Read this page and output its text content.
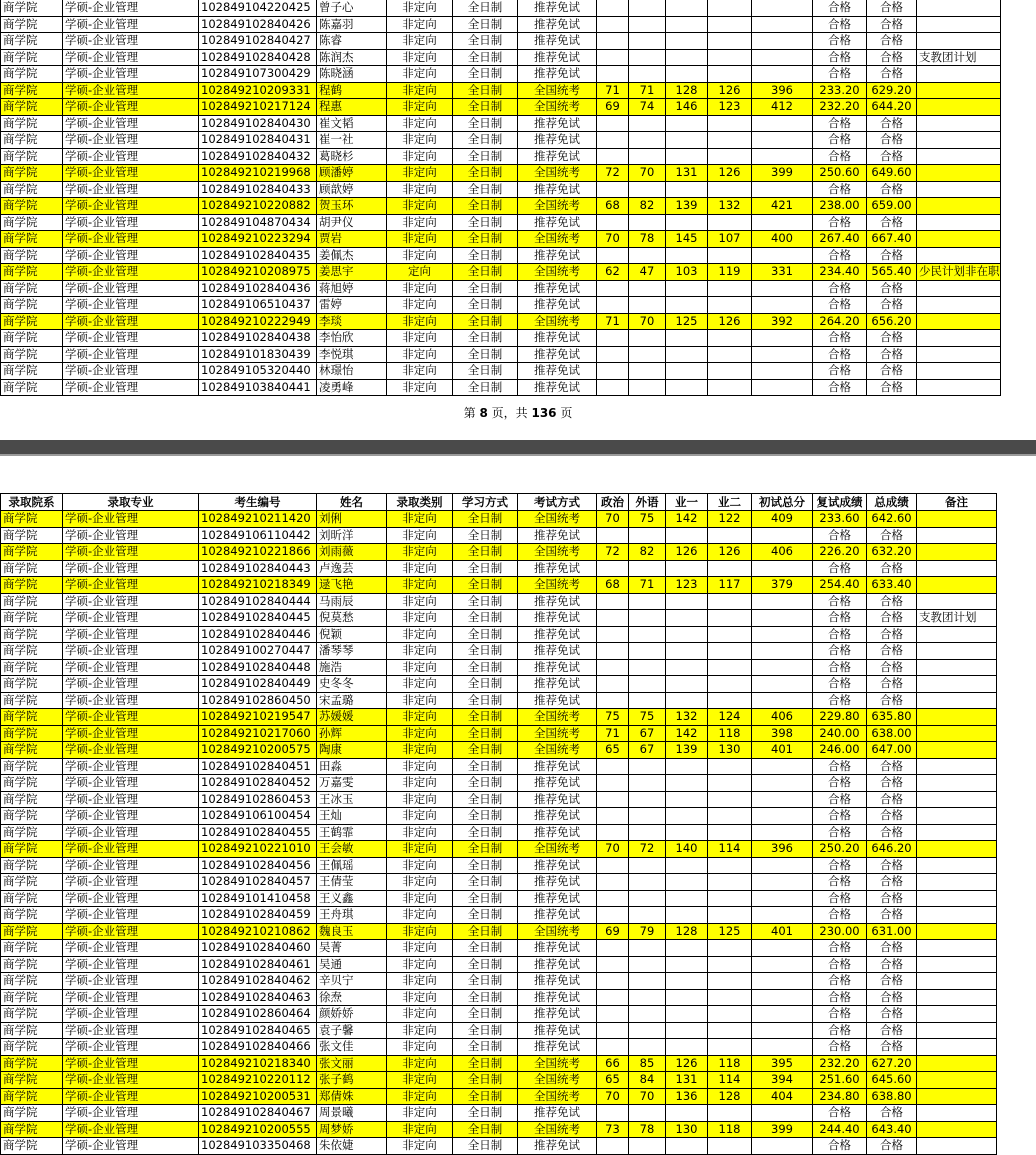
商学院	学硕-企业管理	102849104220425	曾子心	非定向	全日制	推荐免试						合格	合格	
商学院	学硕-企业管理	102849102840426	陈嘉羽	非定向	全日制	推荐免试						合格	合格	
商学院	学硕-企业管理	102849102840427	陈睿	非定向	全日制	推荐免试						合格	合格	
商学院	学硕-企业管理	102849102840428	陈润杰	非定向	全日制	推荐免试						合格	合格	支教团计划
商学院	学硕-企业管理	102849107300429	陈晓涵	非定向	全日制	推荐免试						合格	合格	
商学院	学硕-企业管理	102849210209331	程鹤	非定向	全日制	全国统考	71	71	128	126	396	233.20	629.20	
商学院	学硕-企业管理	102849210217124	程惠	非定向	全日制	全国统考	69	74	146	123	412	232.20	644.20	
商学院	学硕-企业管理	102849102840430	崔文韬	非定向	全日制	推荐免试						合格	合格	
商学院	学硕-企业管理	102849102840431	崔一社	非定向	全日制	推荐免试						合格	合格	
商学院	学硕-企业管理	102849102840432	葛晓杉	非定向	全日制	推荐免试						合格	合格	
商学院	学硕-企业管理	102849210219968	顾潘婷	非定向	全日制	全国统考	72	70	131	126	399	250.60	649.60	
商学院	学硕-企业管理	102849102840433	顾歆婷	非定向	全日制	推荐免试						合格	合格	
商学院	学硕-企业管理	102849210220882	贺玉环	非定向	全日制	全国统考	68	82	139	132	421	238.00	659.00	
商学院	学硕-企业管理	102849104870434	胡尹仪	非定向	全日制	推荐免试						合格	合格	
商学院	学硕-企业管理	102849210223294	贾岩	非定向	全日制	全国统考	70	78	145	107	400	267.40	667.40	
商学院	学硕-企业管理	102849102840435	姜佩杰	非定向	全日制	推荐免试						合格	合格	
商学院	学硕-企业管理	102849210208975	姜思宇	定向	全日制	全国统考	62	47	103	119	331	234.40	565.40	少民计划非在职
商学院	学硕-企业管理	102849102840436	蒋旭婷	非定向	全日制	推荐免试						合格	合格	
商学院	学硕-企业管理	102849106510437	雷婷	非定向	全日制	推荐免试						合格	合格	
商学院	学硕-企业管理	102849210222949	李琰	非定向	全日制	全国统考	71	70	125	126	392	264.20	656.20	
商学院	学硕-企业管理	102849102840438	李怡欣	非定向	全日制	推荐免试						合格	合格	
商学院	学硕-企业管理	102849101830439	李悦琪	非定向	全日制	推荐免试						合格	合格	
商学院	学硕-企业管理	102849105320440	林璟怡	非定向	全日制	推荐免试						合格	合格	
商学院	学硕-企业管理	102849103840441	凌勇峰	非定向	全日制	推荐免试						合格	合格	
第 8 页，共 136 页
录取院系	录取专业	考生编号	姓名	录取类别	学习方式	考试方式	政治	外语	业一	业二	初试总分	复试成绩	总成绩	备注
商学院	学硕-企业管理	102849210211420	刘俐	非定向	全日制	全国统考	70	75	142	122	409	233.60	642.60	
商学院	学硕-企业管理	102849106110442	刘昕洋	非定向	全日制	推荐免试						合格	合格	
商学院	学硕-企业管理	102849210221866	刘雨薇	非定向	全日制	全国统考	72	82	126	126	406	226.20	632.20	
商学院	学硕-企业管理	102849102840443	卢逸芸	非定向	全日制	推荐免试						合格	合格	
商学院	学硕-企业管理	102849210218349	逯飞艳	非定向	全日制	全国统考	68	71	123	117	379	254.40	633.40	
商学院	学硕-企业管理	102849102840444	马雨辰	非定向	全日制	推荐免试						合格	合格	
商学院	学硕-企业管理	102849102840445	倪莫愁	非定向	全日制	推荐免试						合格	合格	支教团计划
商学院	学硕-企业管理	102849102840446	倪颖	非定向	全日制	推荐免试						合格	合格	
商学院	学硕-企业管理	102849100270447	潘琴琴	非定向	全日制	推荐免试						合格	合格	
商学院	学硕-企业管理	102849102840448	施浩	非定向	全日制	推荐免试						合格	合格	
商学院	学硕-企业管理	102849102840449	史冬冬	非定向	全日制	推荐免试						合格	合格	
商学院	学硕-企业管理	102849102860450	宋孟璐	非定向	全日制	推荐免试						合格	合格	
商学院	学硕-企业管理	102849210219547	苏媛媛	非定向	全日制	全国统考	75	75	132	124	406	229.80	635.80	
商学院	学硕-企业管理	102849210217060	孙辉	非定向	全日制	全国统考	71	67	142	118	398	240.00	638.00	
商学院	学硕-企业管理	102849210200575	陶康	非定向	全日制	全国统考	65	67	139	130	401	246.00	647.00	
商学院	学硕-企业管理	102849102840451	田淼	非定向	全日制	推荐免试						合格	合格	
商学院	学硕-企业管理	102849102840452	万嘉雯	非定向	全日制	推荐免试						合格	合格	
商学院	学硕-企业管理	102849102860453	王冰玉	非定向	全日制	推荐免试						合格	合格	
商学院	学硕-企业管理	102849106100454	王灿	非定向	全日制	推荐免试						合格	合格	
商学院	学硕-企业管理	102849102840455	王鹤霏	非定向	全日制	推荐免试						合格	合格	
商学院	学硕-企业管理	102849210221010	王会敏	非定向	全日制	全国统考	70	72	140	114	396	250.20	646.20	
商学院	学硕-企业管理	102849102840456	王佩瑶	非定向	全日制	推荐免试						合格	合格	
商学院	学硕-企业管理	102849102840457	王倩莹	非定向	全日制	推荐免试						合格	合格	
商学院	学硕-企业管理	102849101410458	王义鑫	非定向	全日制	推荐免试						合格	合格	
商学院	学硕-企业管理	102849102840459	王舟琪	非定向	全日制	推荐免试						合格	合格	
商学院	学硕-企业管理	102849210210862	魏良玉	非定向	全日制	全国统考	69	79	128	125	401	230.00	631.00	
商学院	学硕-企业管理	102849102840460	吴菁	非定向	全日制	推荐免试						合格	合格	
商学院	学硕-企业管理	102849102840461	吴通	非定向	全日制	推荐免试						合格	合格	
商学院	学硕-企业管理	102849102840462	辛贝宁	非定向	全日制	推荐免试						合格	合格	
商学院	学硕-企业管理	102849102840463	徐焘	非定向	全日制	推荐免试						合格	合格	
商学院	学硕-企业管理	102849102860464	颜娇娇	非定向	全日制	推荐免试						合格	合格	
商学院	学硕-企业管理	102849102840465	袁子馨	非定向	全日制	推荐免试						合格	合格	
商学院	学硕-企业管理	102849102840466	张文佳	非定向	全日制	推荐免试						合格	合格	
商学院	学硕-企业管理	102849210218340	张文丽	非定向	全日制	全国统考	66	85	126	118	395	232.20	627.20	
商学院	学硕-企业管理	102849210220112	张子鹤	非定向	全日制	全国统考	65	84	131	114	394	251.60	645.60	
商学院	学硕-企业管理	102849210200531	郑倩姝	非定向	全日制	全国统考	70	70	136	128	404	234.80	638.80	
商学院	学硕-企业管理	102849102840467	周景曦	非定向	全日制	推荐免试						合格	合格	
商学院	学硕-企业管理	102849210200555	周梦娇	非定向	全日制	全国统考	73	78	130	118	399	244.40	643.40	
商学院	学硕-企业管理	102849103350468	朱依婕	非定向	全日制	推荐免试						合格	合格	
